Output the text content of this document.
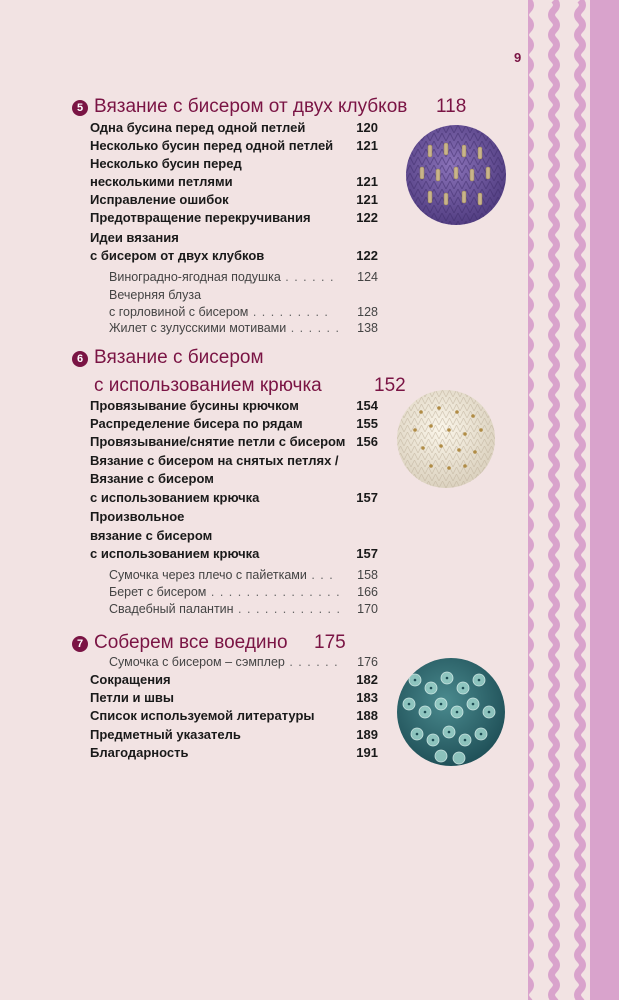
9
5 Вязание с бисером от двух клубков 118
Одна бусина перед одной петлей	120
Несколько бусин перед одной петлей 121
Несколько бусин перед
несколькими петлями	121
Исправление ошибок	121
Предотвращение перекручивания	122
Идеи вязания
с бисером от двух клубков	122
Виноградно-ягодная подушка . . . . . . 124
Вечерняя блуза
с горловиной с бисером . . . . . . . . . 128
Жилет с зулусскими мотивами . . . . . . 138
6 Вязание с бисером
с использованием крючка	152
Провязывание бусины крючком	154
Распределение бисера по рядам	155
Провязывание/снятие петли с бисером 156
Вязание с бисером на снятых петлях /
Вязание с бисером
с использованием крючка	157
Произвольное
вязание с бисером
с использованием крючка	157
Сумочка через плечо с пайетками . . . 158
Берет с бисером . . . . . . . . . . . . . . . 166
Свадебный палантин . . . . . . . . . . . . 170
7 Соберем все воедино 175
Сумочка с бисером – сэмплер . . . . . . 176
Сокращения	182
Петли и швы	183
Список используемой литературы	188
Предметный указатель	189
Благодарность	191
